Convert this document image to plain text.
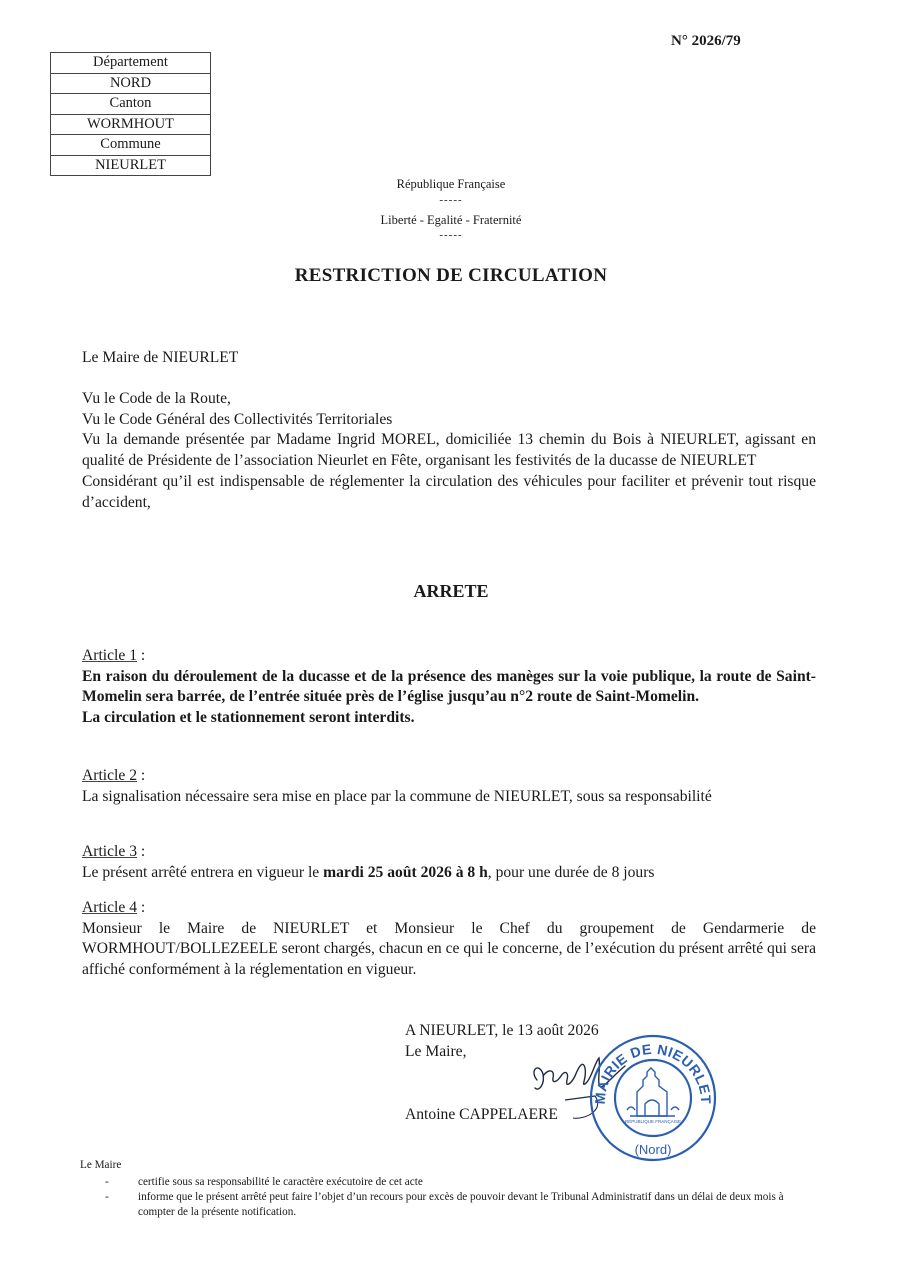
N° 2026/79
Département
NORD
Canton
WORMHOUT
Commune
NIEURLET
République Française
-----
Liberté - Egalité - Fraternité
-----
RESTRICTION DE CIRCULATION
Le Maire de NIEURLET

Vu le Code de la Route,

Vu le Code Général des Collectivités Territoriales

Vu la demande présentée par Madame Ingrid MOREL, domiciliée 13 chemin du Bois à NIEURLET, agissant en qualité de Présidente de l’association Nieurlet en Fête, organisant les festivités de la ducasse de NIEURLET

Considérant qu’il est indispensable de réglementer la circulation des véhicules pour faciliter et prévenir tout risque d’accident,

ARRETE
Article 1 :

En raison du déroulement de la ducasse et de la présence des manèges sur la voie publique, la route de Saint-Momelin sera barrée, de l’entrée située près de l’église jusqu’au n°2 route de Saint-Momelin.

La circulation et le stationnement seront interdits.

Article 2 :

La signalisation nécessaire sera mise en place par la commune de NIEURLET, sous sa responsabilité

Article 3 :

Le présent arrêté entrera en vigueur le mardi 25 août 2026 à 8 h, pour une durée de 8 jours

Article 4 :

Monsieur le Maire de NIEURLET et Monsieur le Chef du groupement de Gendarmerie de WORMHOUT/BOLLEZEELE seront chargés, chacun en ce qui le concerne, de l’exécution du présent arrêté qui sera affiché conformément à la réglementation en vigueur.

A NIEURLET, le 13 août 2026
Le Maire,
Antoine CAPPELAERE
MAIRIE DE NIEURLET
(Nord)
RÉPUBLIQUE FRANÇAISE
Le Maire
-	certifie sous sa responsabilité le caractère exécutoire de cet acte
-	informe que le présent arrêté peut faire l’objet d’un recours pour excès de pouvoir devant le Tribunal Administratif dans un délai de deux mois à compter de la présente notification.
